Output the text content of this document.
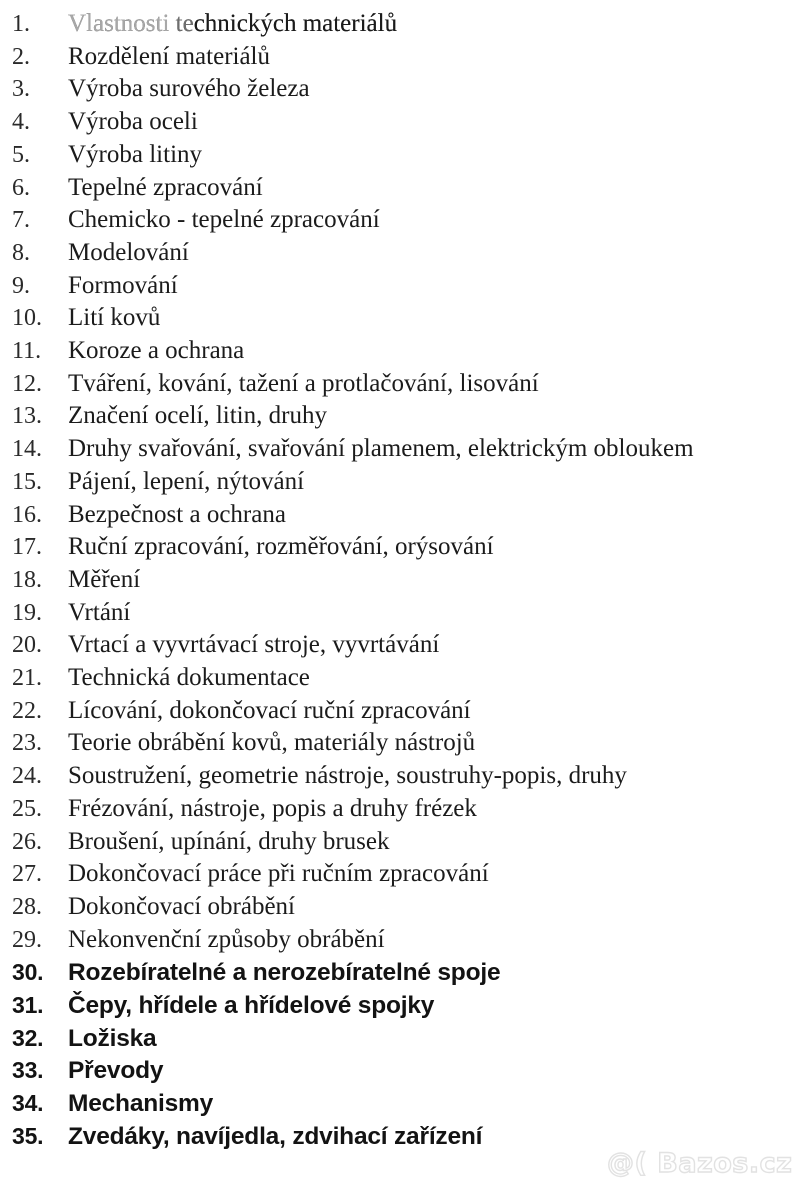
1.	Vlastnosti technických materiálů
2.	Rozdělení materiálů
3.	Výroba surového železa
4.	Výroba oceli
5.	Výroba litiny
6.	Tepelné zpracování
7.	Chemicko - tepelné zpracování
8.	Modelování
9.	Formování
10.	Lití kovů
11.	Koroze a ochrana
12.	Tváření, kování, tažení a protlačování, lisování
13.	Značení ocelí, litin, druhy
14.	Druhy svařování, svařování plamenem, elektrickým obloukem
15.	Pájení, lepení, nýtování
16.	Bezpečnost a ochrana
17.	Ruční zpracování, rozměřování, orýsování
18.	Měření
19.	Vrtání
20.	Vrtací a vyvrtávací stroje, vyvrtávání
21.	Technická dokumentace
22.	Lícování, dokončovací ruční zpracování
23.	Teorie obrábění kovů, materiály nástrojů
24.	Soustružení, geometrie nástroje, soustruhy-popis, druhy
25.	Frézování, nástroje, popis a druhy frézek
26.	Broušení, upínání, druhy brusek
27.	Dokončovací práce při ručním zpracování
28.	Dokončovací obrábění
29.	Nekonvenční způsoby obrábění
30.	Rozebíratelné a nerozebíratelné spoje
31.	Čepy, hřídele a hřídelové spojky
32.	Ložiska
33.	Převody
34.	Mechanismy
35.	Zvedáky, navíjedla, zdvihací zařízení
@( Bazos.cz
